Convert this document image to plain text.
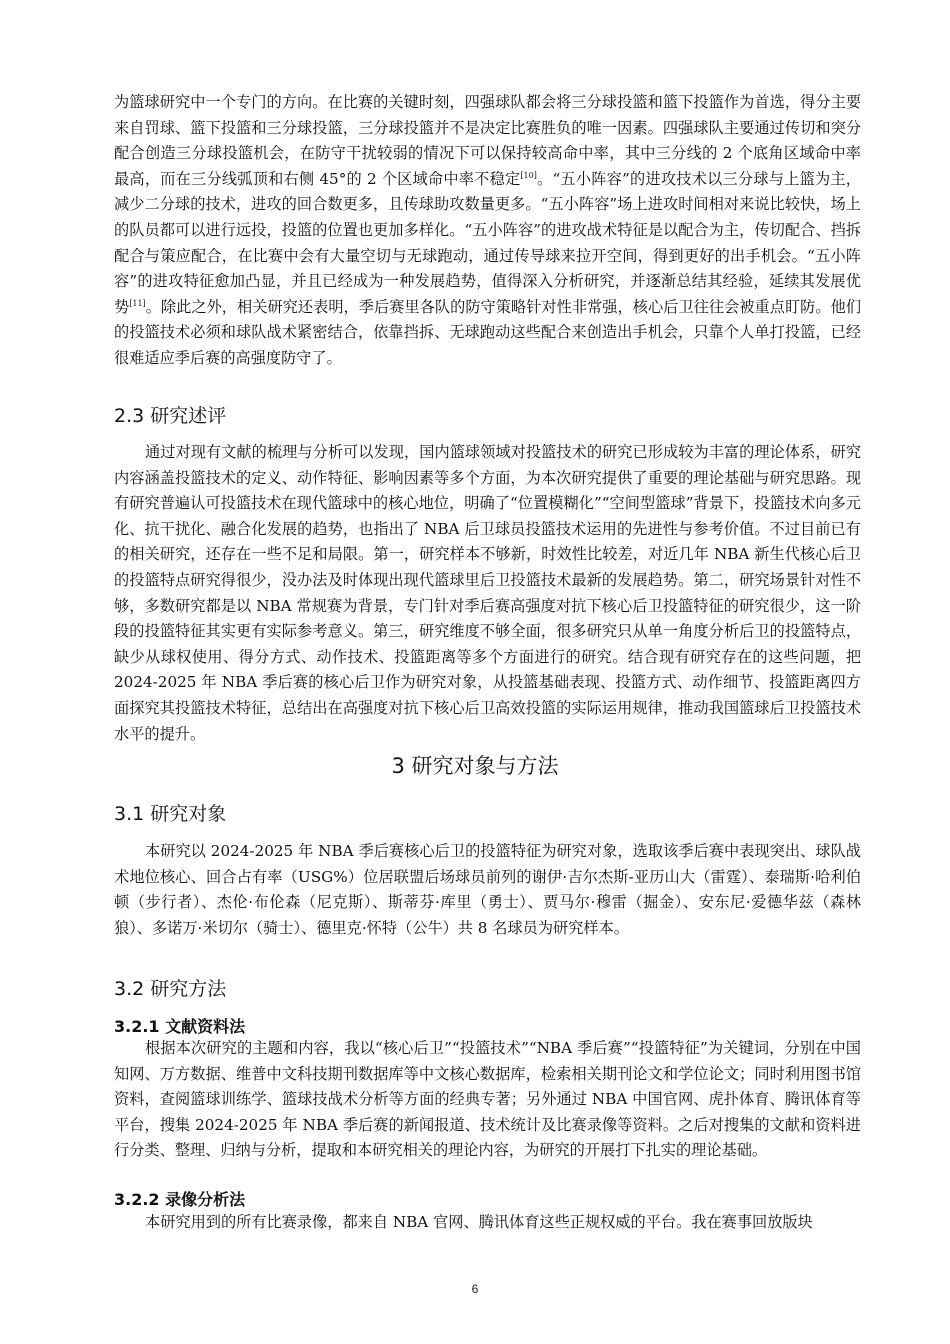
为篮球研究中一个专门的方向。在比赛的关键时刻，四强球队都会将三分球投篮和篮下投篮作为首选，得分主要来自罚球、篮下投篮和三分球投篮，三分球投篮并不是决定比赛胜负的唯一因素。四强球队主要通过传切和突分配合创造三分球投篮机会，在防守干扰较弱的情况下可以保持较高命中率，其中三分线的 2 个底角区域命中率最高，而在三分线弧顶和右侧 45°的 2 个区域命中率不稳定[10]。“五小阵容”的进攻技术以三分球与上篮为主，减少二分球的技术，进攻的回合数更多，且传球助攻数量更多。“五小阵容”场上进攻时间相对来说比较快，场上的队员都可以进行远投，投篮的位置也更加多样化。“五小阵容”的进攻战术特征是以配合为主，传切配合、挡拆配合与策应配合，在比赛中会有大量空切与无球跑动，通过传导球来拉开空间，得到更好的出手机会。“五小阵容”的进攻特征愈加凸显，并且已经成为一种发展趋势，值得深入分析研究，并逐渐总结其经验，延续其发展优势[11]。除此之外，相关研究还表明，季后赛里各队的防守策略针对性非常强，核心后卫往往会被重点盯防。他们的投篮技术必须和球队战术紧密结合，依靠挡拆、无球跑动这些配合来创造出手机会，只靠个人单打投篮，已经很难适应季后赛的高强度防守了。

2.3 研究述评

通过对现有文献的梳理与分析可以发现，国内篮球领域对投篮技术的研究已形成较为丰富的理论体系，研究内容涵盖投篮技术的定义、动作特征、影响因素等多个方面，为本次研究提供了重要的理论基础与研究思路。现有研究普遍认可投篮技术在现代篮球中的核心地位，明确了“位置模糊化”“空间型篮球”背景下，投篮技术向多元化、抗干扰化、融合化发展的趋势，也指出了 NBA 后卫球员投篮技术运用的先进性与参考价值。不过目前已有的相关研究，还存在一些不足和局限。第一，研究样本不够新，时效性比较差，对近几年 NBA 新生代核心后卫的投篮特点研究得很少，没办法及时体现出现代篮球里后卫投篮技术最新的发展趋势。第二，研究场景针对性不够，多数研究都是以 NBA 常规赛为背景，专门针对季后赛高强度对抗下核心后卫投篮特征的研究很少，这一阶段的投篮特征其实更有实际参考意义。第三，研究维度不够全面，很多研究只从单一角度分析后卫的投篮特点，缺少从球权使用、得分方式、动作技术、投篮距离等多个方面进行的研究。结合现有研究存在的这些问题，把 2024-2025 年 NBA 季后赛的核心后卫作为研究对象，从投篮基础表现、投篮方式、动作细节、投篮距离四方面探究其投篮技术特征，总结出在高强度对抗下核心后卫高效投篮的实际运用规律，推动我国篮球后卫投篮技术水平的提升。

3 研究对象与方法
3.1 研究对象

本研究以 2024-2025 年 NBA 季后赛核心后卫的投篮特征为研究对象，选取该季后赛中表现突出、球队战术地位核心、回合占有率（USG%）位居联盟后场球员前列的谢伊·吉尔杰斯-亚历山大（雷霆）、泰瑞斯·哈利伯顿（步行者）、杰伦·布伦森（尼克斯）、斯蒂芬·库里（勇士）、贾马尔·穆雷（掘金）、安东尼·爱德华兹（森林狼）、多诺万·米切尔（骑士）、德里克·怀特（公牛）共 8 名球员为研究样本。

3.2 研究方法
3.2.1 文献资料法

根据本次研究的主题和内容，我以“核心后卫”“投篮技术”“NBA 季后赛”“投篮特征”为关键词，分别在中国知网、万方数据、维普中文科技期刊数据库等中文核心数据库，检索相关期刊论文和学位论文；同时利用图书馆资料，查阅篮球训练学、篮球技战术分析等方面的经典专著；另外通过 NBA 中国官网、虎扑体育、腾讯体育等平台，搜集 2024-2025 年 NBA 季后赛的新闻报道、技术统计及比赛录像等资料。之后对搜集的文献和资料进行分类、整理、归纳与分析，提取和本研究相关的理论内容，为研究的开展打下扎实的理论基础。

3.2.2 录像分析法

本研究用到的所有比赛录像，都来自 NBA 官网、腾讯体育这些正规权威的平台。我在赛事回放版块

6
